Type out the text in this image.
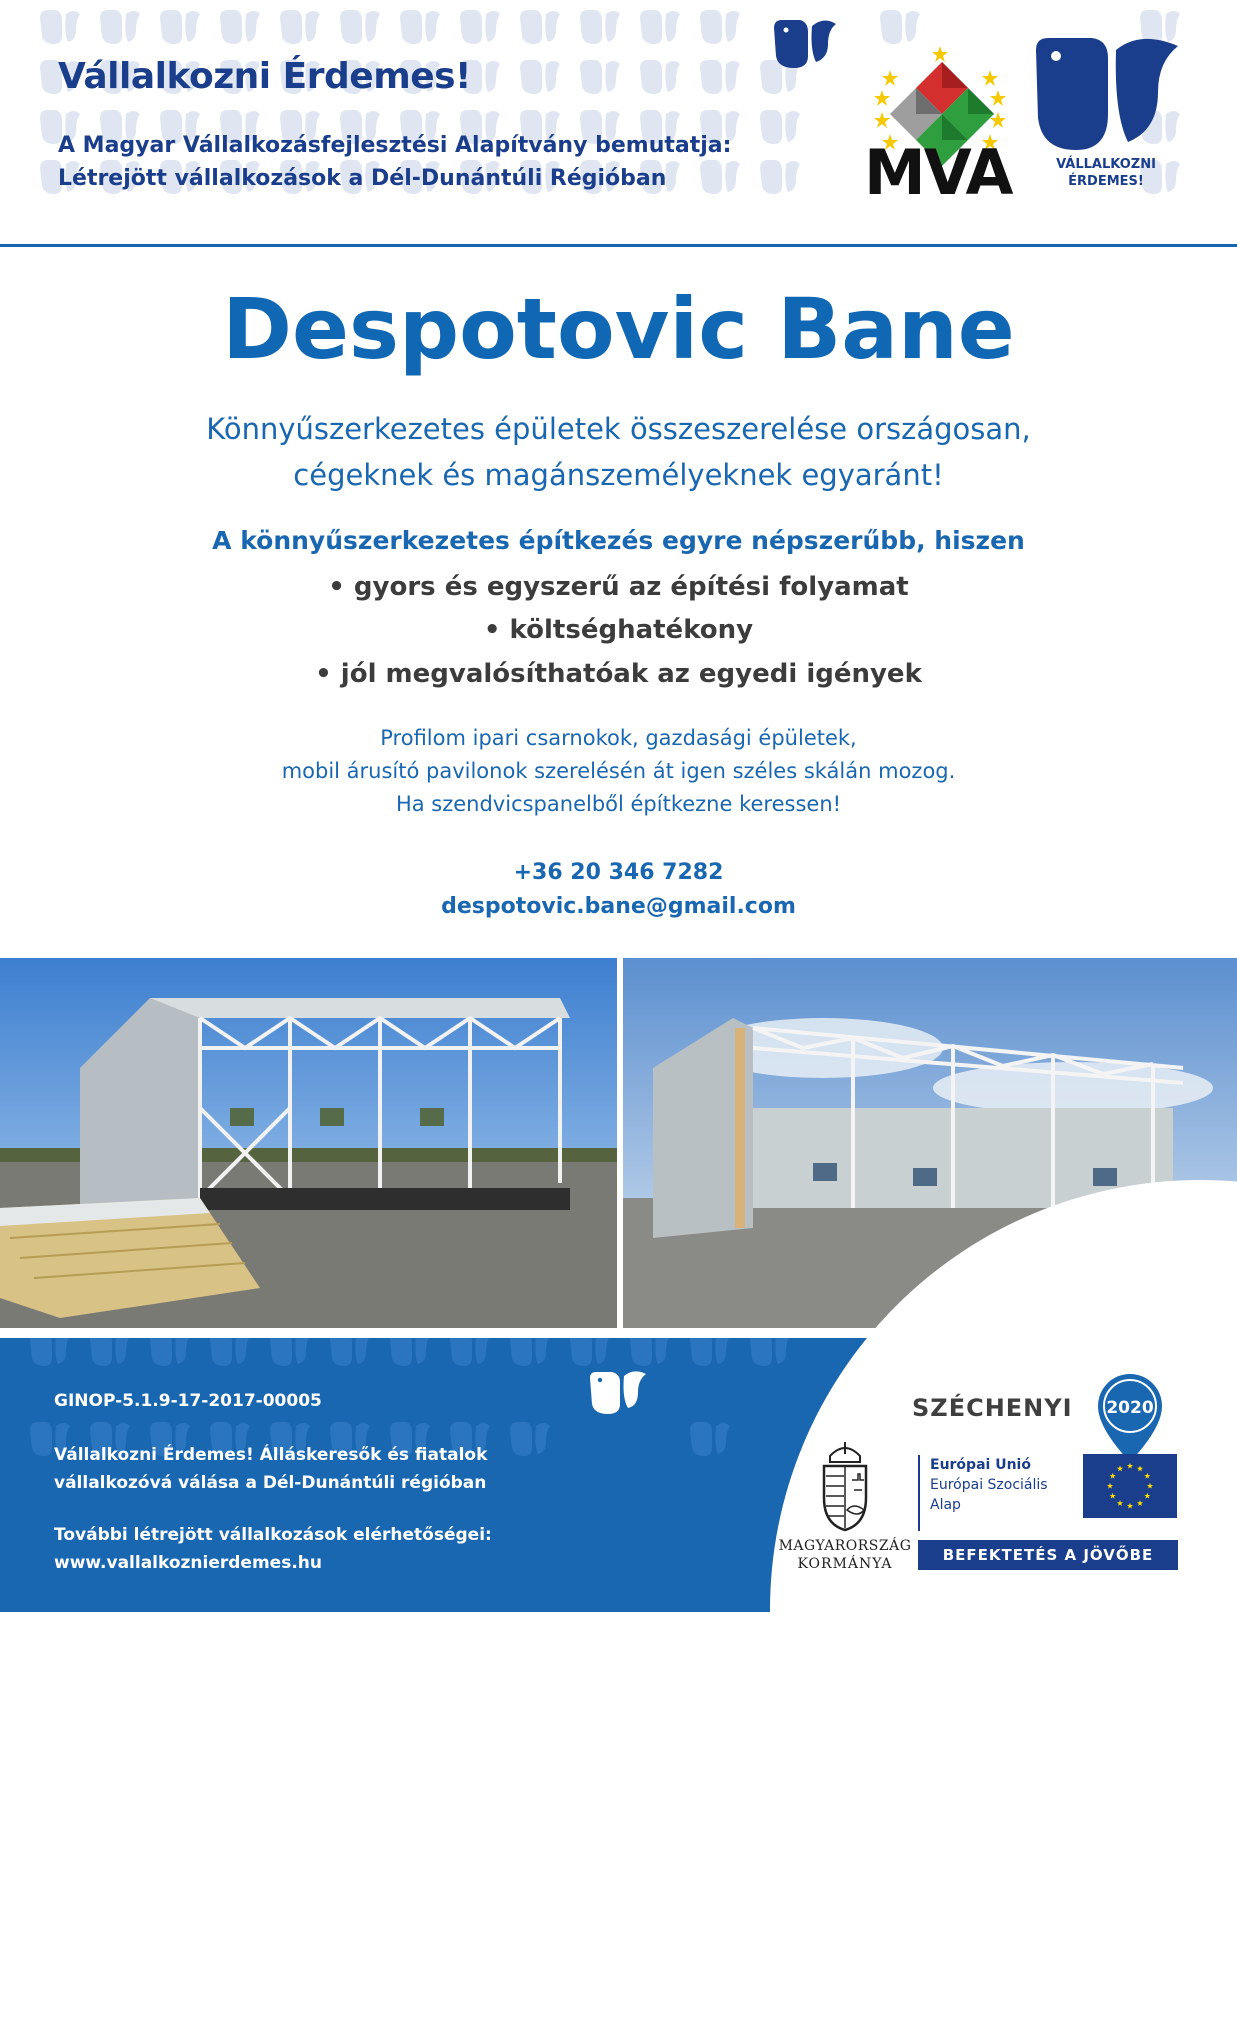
Vállalkozni Érdemes!
A Magyar Vállalkozásfejlesztési Alapítvány bemutatja:
Létrejött vállalkozások a Dél-Dunántúli Régióban	MVA	VÁLLALKOZNI
ÉRDEMES!
Despotovic Bane
Könnyűszerkezetes épületek összeszerelése országosan,
cégeknek és magánszemélyeknek egyaránt!
A könnyűszerkezetes építkezés egyre népszerűbb, hiszen
• gyors és egyszerű az építési folyamat
• költséghatékony
• jól megvalósíthatóak az egyedi igények
Profilom ipari csarnokok, gazdasági épületek,
mobil árusító pavilonok szerelésén át igen széles skálán mozog.
Ha szendvicspanelből építkezne keressen!
+36 20 346 7282
despotovic.bane@gmail.com
GINOP-5.1.9-17-2017-00005
Vállalkozni Érdemes! Álláskeresők és fiatalok
vállalkozóvá válása a Dél-Dunántúli régióban
További létrejött vállalkozások elérhetőségei:
www.vallalkoznierdemes.hu
SZÉCHENYI	2020
MAGYARORSZÁG
KORMÁNYA
Európai Unió
Európai Szociális
Alap
BEFEKTETÉS A JÖVŐBE
